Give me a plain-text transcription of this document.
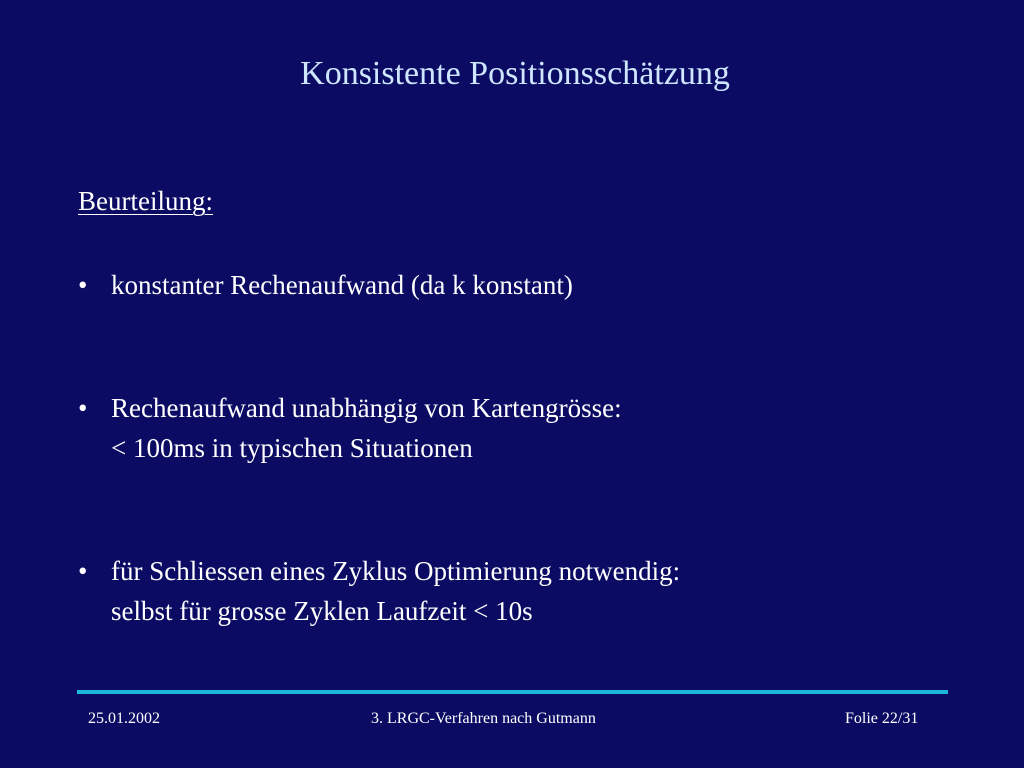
Konsistente Positionsschätzung
Beurteilung:
• konstanter Rechenaufwand (da k konstant)
• Rechenaufwand unabhängig von Kartengrösse:
< 100ms in typischen Situationen
• für Schliessen eines Zyklus Optimierung notwendig:
selbst für grosse Zyklen Laufzeit < 10s
25.01.2002	3. LRGC-Verfahren nach Gutmann	Folie 22/31
